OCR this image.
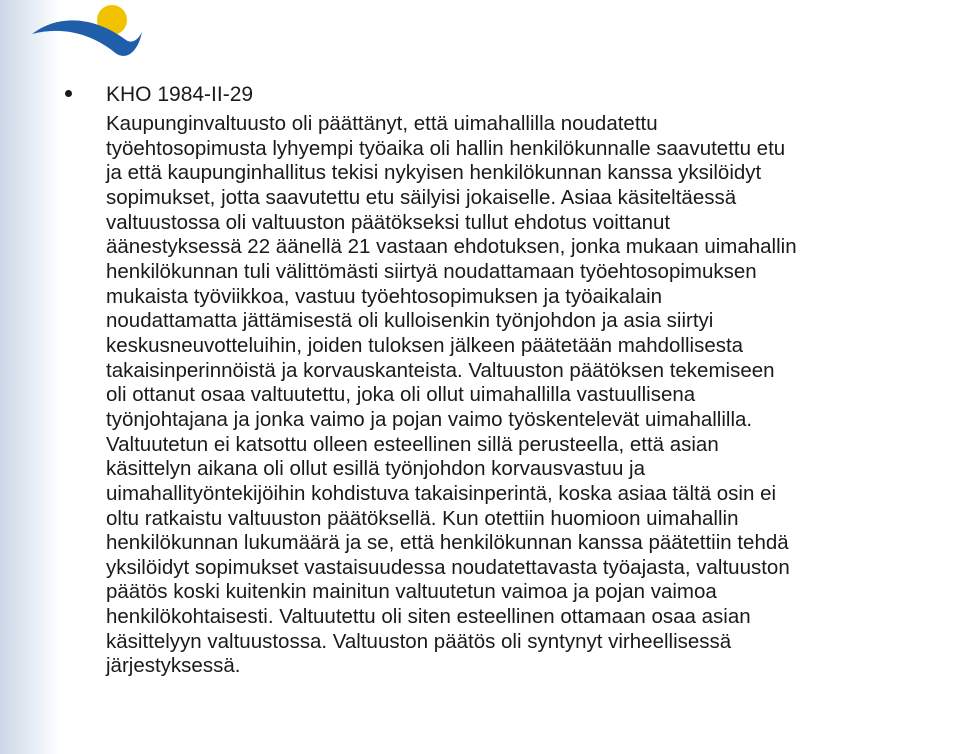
KHO 1984-II-29

Kaupunginvaltuusto oli päättänyt, että uimahallilla noudatettu
työehtosopimusta lyhyempi työaika oli hallin henkilökunnalle saavutettu etu
ja että kaupunginhallitus tekisi nykyisen henkilökunnan kanssa yksilöidyt
sopimukset, jotta saavutettu etu säilyisi jokaiselle. Asiaa käsiteltäessä
valtuustossa oli valtuuston päätökseksi tullut ehdotus voittanut
äänestyksessä 22 äänellä 21 vastaan ehdotuksen, jonka mukaan uimahallin
henkilökunnan tuli välittömästi siirtyä noudattamaan työehtosopimuksen
mukaista työviikkoa, vastuu työehtosopimuksen ja työaikalain
noudattamatta jättämisestä oli kulloisenkin työnjohdon ja asia siirtyi
keskusneuvotteluihin, joiden tuloksen jälkeen päätetään mahdollisesta
takaisinperinnöistä ja korvauskanteista. Valtuuston päätöksen tekemiseen
oli ottanut osaa valtuutettu, joka oli ollut uimahallilla vastuullisena
työnjohtajana ja jonka vaimo ja pojan vaimo työskentelevät uimahallilla.
Valtuutetun ei katsottu olleen esteellinen sillä perusteella, että asian
käsittelyn aikana oli ollut esillä työnjohdon korvausvastuu ja
uimahallityöntekijöihin kohdistuva takaisinperintä, koska asiaa tältä osin ei
oltu ratkaistu valtuuston päätöksellä. Kun otettiin huomioon uimahallin
henkilökunnan lukumäärä ja se, että henkilökunnan kanssa päätettiin tehdä
yksilöidyt sopimukset vastaisuudessa noudatettavasta työajasta, valtuuston
päätös koski kuitenkin mainitun valtuutetun vaimoa ja pojan vaimoa
henkilökohtaisesti. Valtuutettu oli siten esteellinen ottamaan osaa asian
käsittelyyn valtuustossa. Valtuuston päätös oli syntynyt virheellisessä
järjestyksessä.
